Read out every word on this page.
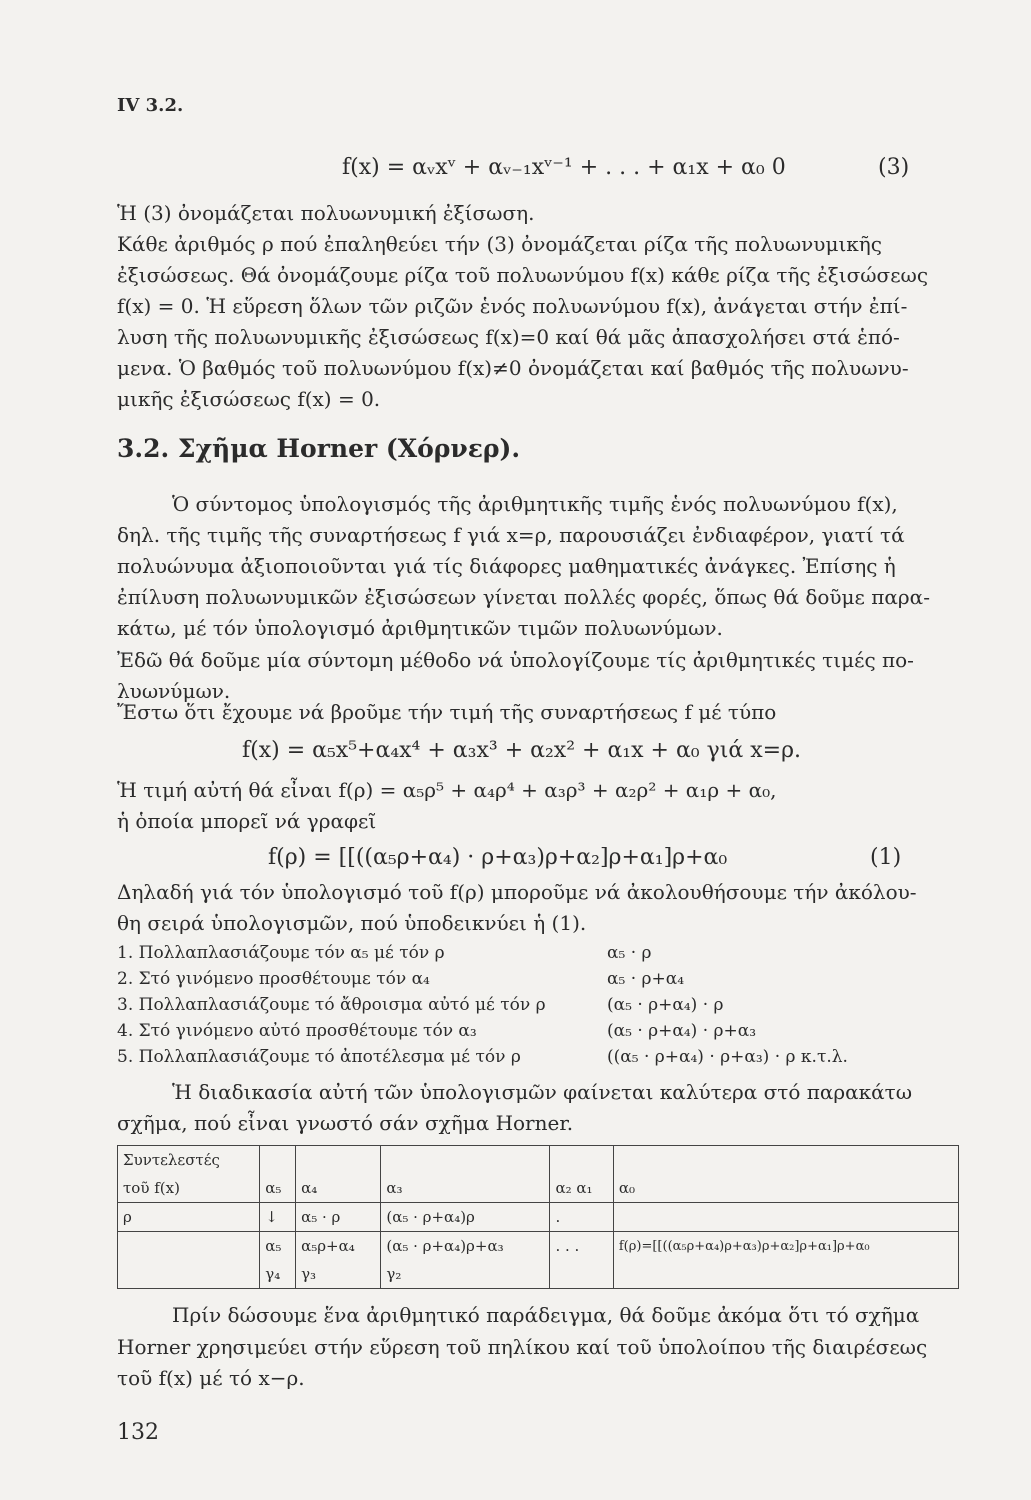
IV 3.2.
f(x) = αᵥxᵛ + αᵥ₋₁xᵛ⁻¹ + . . . + α₁x + α₀ 0	(3)
Ἡ (3) ὀνομάζεται πολυωνυμική ἐξίσωση.
Κάθε ἀριθμός ρ πού ἐπαληθεύει τήν (3) ὀνομάζεται ρίζα τῆς πολυωνυμικῆς
ἐξισώσεως. Θά ὀνομάζουμε ρίζα τοῦ πολυωνύμου f(x) κάθε ρίζα τῆς ἐξισώσεως
f(x) = 0. Ἡ εὕρεση ὅλων τῶν ριζῶν ἑνός πολυωνύμου f(x), ἀνάγεται στήν ἐπί-
λυση τῆς πολυωνυμικῆς ἐξισώσεως f(x)=0 καί θά μᾶς ἀπασχολήσει στά ἑπό-
μενα. Ὁ βαθμός τοῦ πολυωνύμου f(x)≠0 ὀνομάζεται καί βαθμός τῆς πολυωνυ-
μικῆς ἐξισώσεως f(x) = 0.
3.2. Σχῆμα Horner (Χόρνερ).
Ὁ σύντομος ὑπολογισμός τῆς ἀριθμητικῆς τιμῆς ἑνός πολυωνύμου f(x),
δηλ. τῆς τιμῆς τῆς συναρτήσεως f γιά x=ρ, παρουσιάζει ἐνδιαφέρον, γιατί τά
πολυώνυμα ἀξιοποιοῦνται γιά τίς διάφορες μαθηματικές ἀνάγκες. Ἐπίσης ἡ
ἐπίλυση πολυωνυμικῶν ἐξισώσεων γίνεται πολλές φορές, ὅπως θά δοῦμε παρα-
κάτω, μέ τόν ὑπολογισμό ἀριθμητικῶν τιμῶν πολυωνύμων.
Ἐδῶ θά δοῦμε μία σύντομη μέθοδο νά ὑπολογίζουμε τίς ἀριθμητικές τιμές πο-
λυωνύμων.
Ἔστω ὅτι ἔχουμε νά βροῦμε τήν τιμή τῆς συναρτήσεως f μέ τύπο
f(x) = α₅x⁵+α₄x⁴ + α₃x³ + α₂x² + α₁x + α₀ γιά x=ρ.
Ἡ τιμή αὐτή θά εἶναι f(ρ) = α₅ρ⁵ + α₄ρ⁴ + α₃ρ³ + α₂ρ² + α₁ρ + α₀,
ἡ ὁποία μπορεῖ νά γραφεῖ
f(ρ) = [[((α₅ρ+α₄) · ρ+α₃)ρ+α₂]ρ+α₁]ρ+α₀	(1)
Δηλαδή γιά τόν ὑπολογισμό τοῦ f(ρ) μποροῦμε νά ἀκολουθήσουμε τήν ἀκόλου-
θη σειρά ὑπολογισμῶν, πού ὑποδεικνύει ἡ (1).
1. Πολλαπλασιάζουμε τόν α₅ μέ τόν ρ	α₅ · ρ
2. Στό γινόμενο προσθέτουμε τόν α₄	α₅ · ρ+α₄
3. Πολλαπλασιάζουμε τό ἄθροισμα αὐτό μέ τόν ρ	(α₅ · ρ+α₄) · ρ
4. Στό γινόμενο αὐτό προσθέτουμε τόν α₃	(α₅ · ρ+α₄) · ρ+α₃
5. Πολλαπλασιάζουμε τό ἀποτέλεσμα μέ τόν ρ	((α₅ · ρ+α₄) · ρ+α₃) · ρ κ.τ.λ.
Ἡ διαδικασία αὐτή τῶν ὑπολογισμῶν φαίνεται καλύτερα στό παρακάτω
σχῆμα, πού εἶναι γνωστό σάν σχῆμα Horner.
Συντελεστές					
τοῦ f(x)	α₅	α₄	α₃	α₂ α₁	α₀
ρ	↓	α₅ · ρ	(α₅ · ρ+α₄)ρ	.	
	α₅	α₅ρ+α₄	(α₅ · ρ+α₄)ρ+α₃	. . .	f(ρ)=[[((α₅ρ+α₄)ρ+α₃)ρ+α₂]ρ+α₁]ρ+α₀
	γ₄	γ₃	γ₂		
Πρίν δώσουμε ἕνα ἀριθμητικό παράδειγμα, θά δοῦμε ἀκόμα ὅτι τό σχῆμα
Horner χρησιμεύει στήν εὕρεση τοῦ πηλίκου καί τοῦ ὑπολοίπου τῆς διαιρέσεως
τοῦ f(x) μέ τό x−ρ.
132
